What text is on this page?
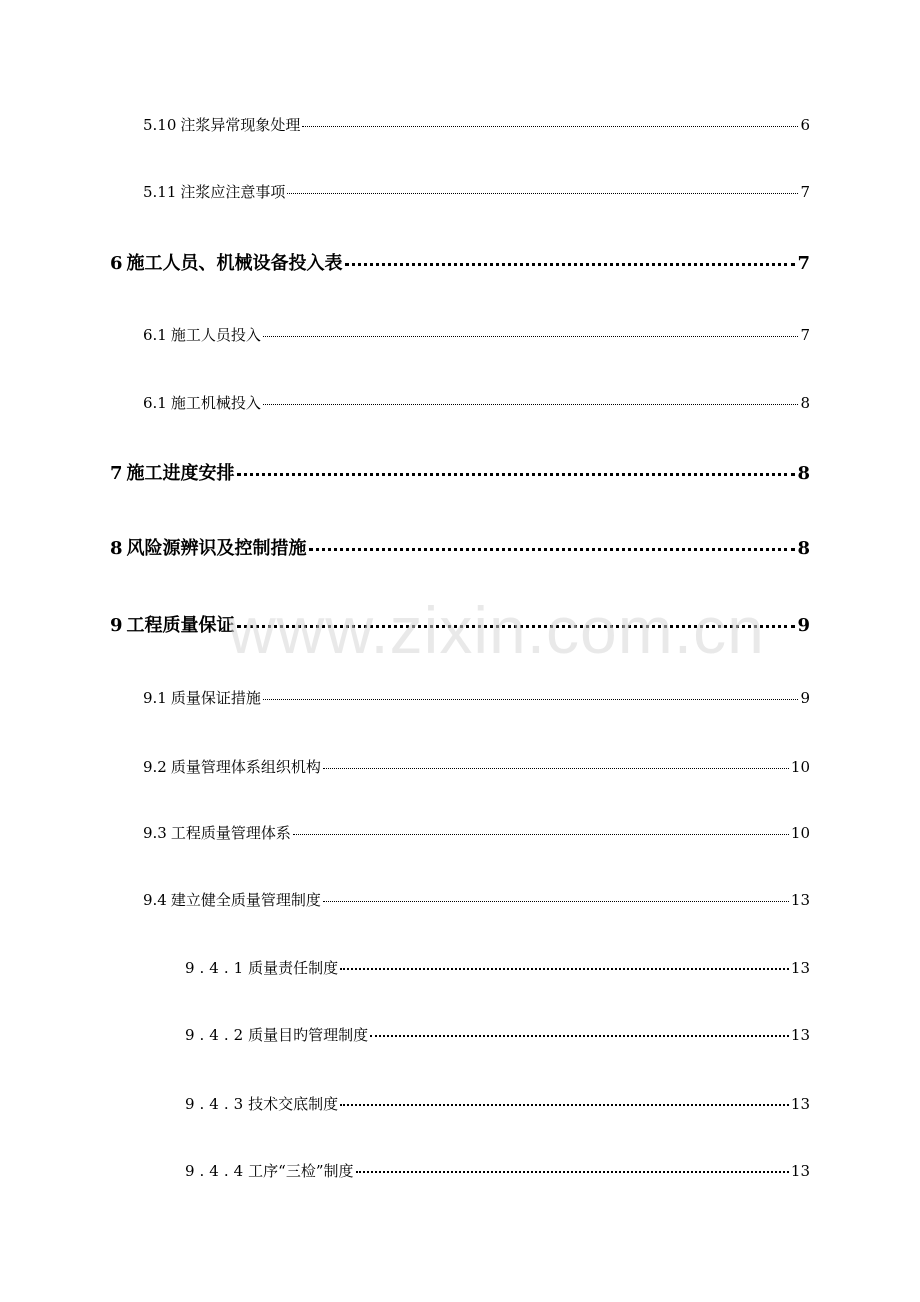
5.10 注浆异常现象处理	6
5.11 注浆应注意事项	7
6 施工人员、机械设备投入表	7
6.1 施工人员投入	7
6.1 施工机械投入	8
7 施工进度安排	8
8 风险源辨识及控制措施	8
9 工程质量保证	9
9.1 质量保证措施	9
9.2 质量管理体系组织机构	10
9.3 工程质量管理体系	10
9.4 建立健全质量管理制度	13
9.4.1 质量责任制度	13
9.4.2 质量目旳管理制度	13
9.4.3 技术交底制度	13
9.4.4 工序“三检”制度	13
www.zixin.com.cn
